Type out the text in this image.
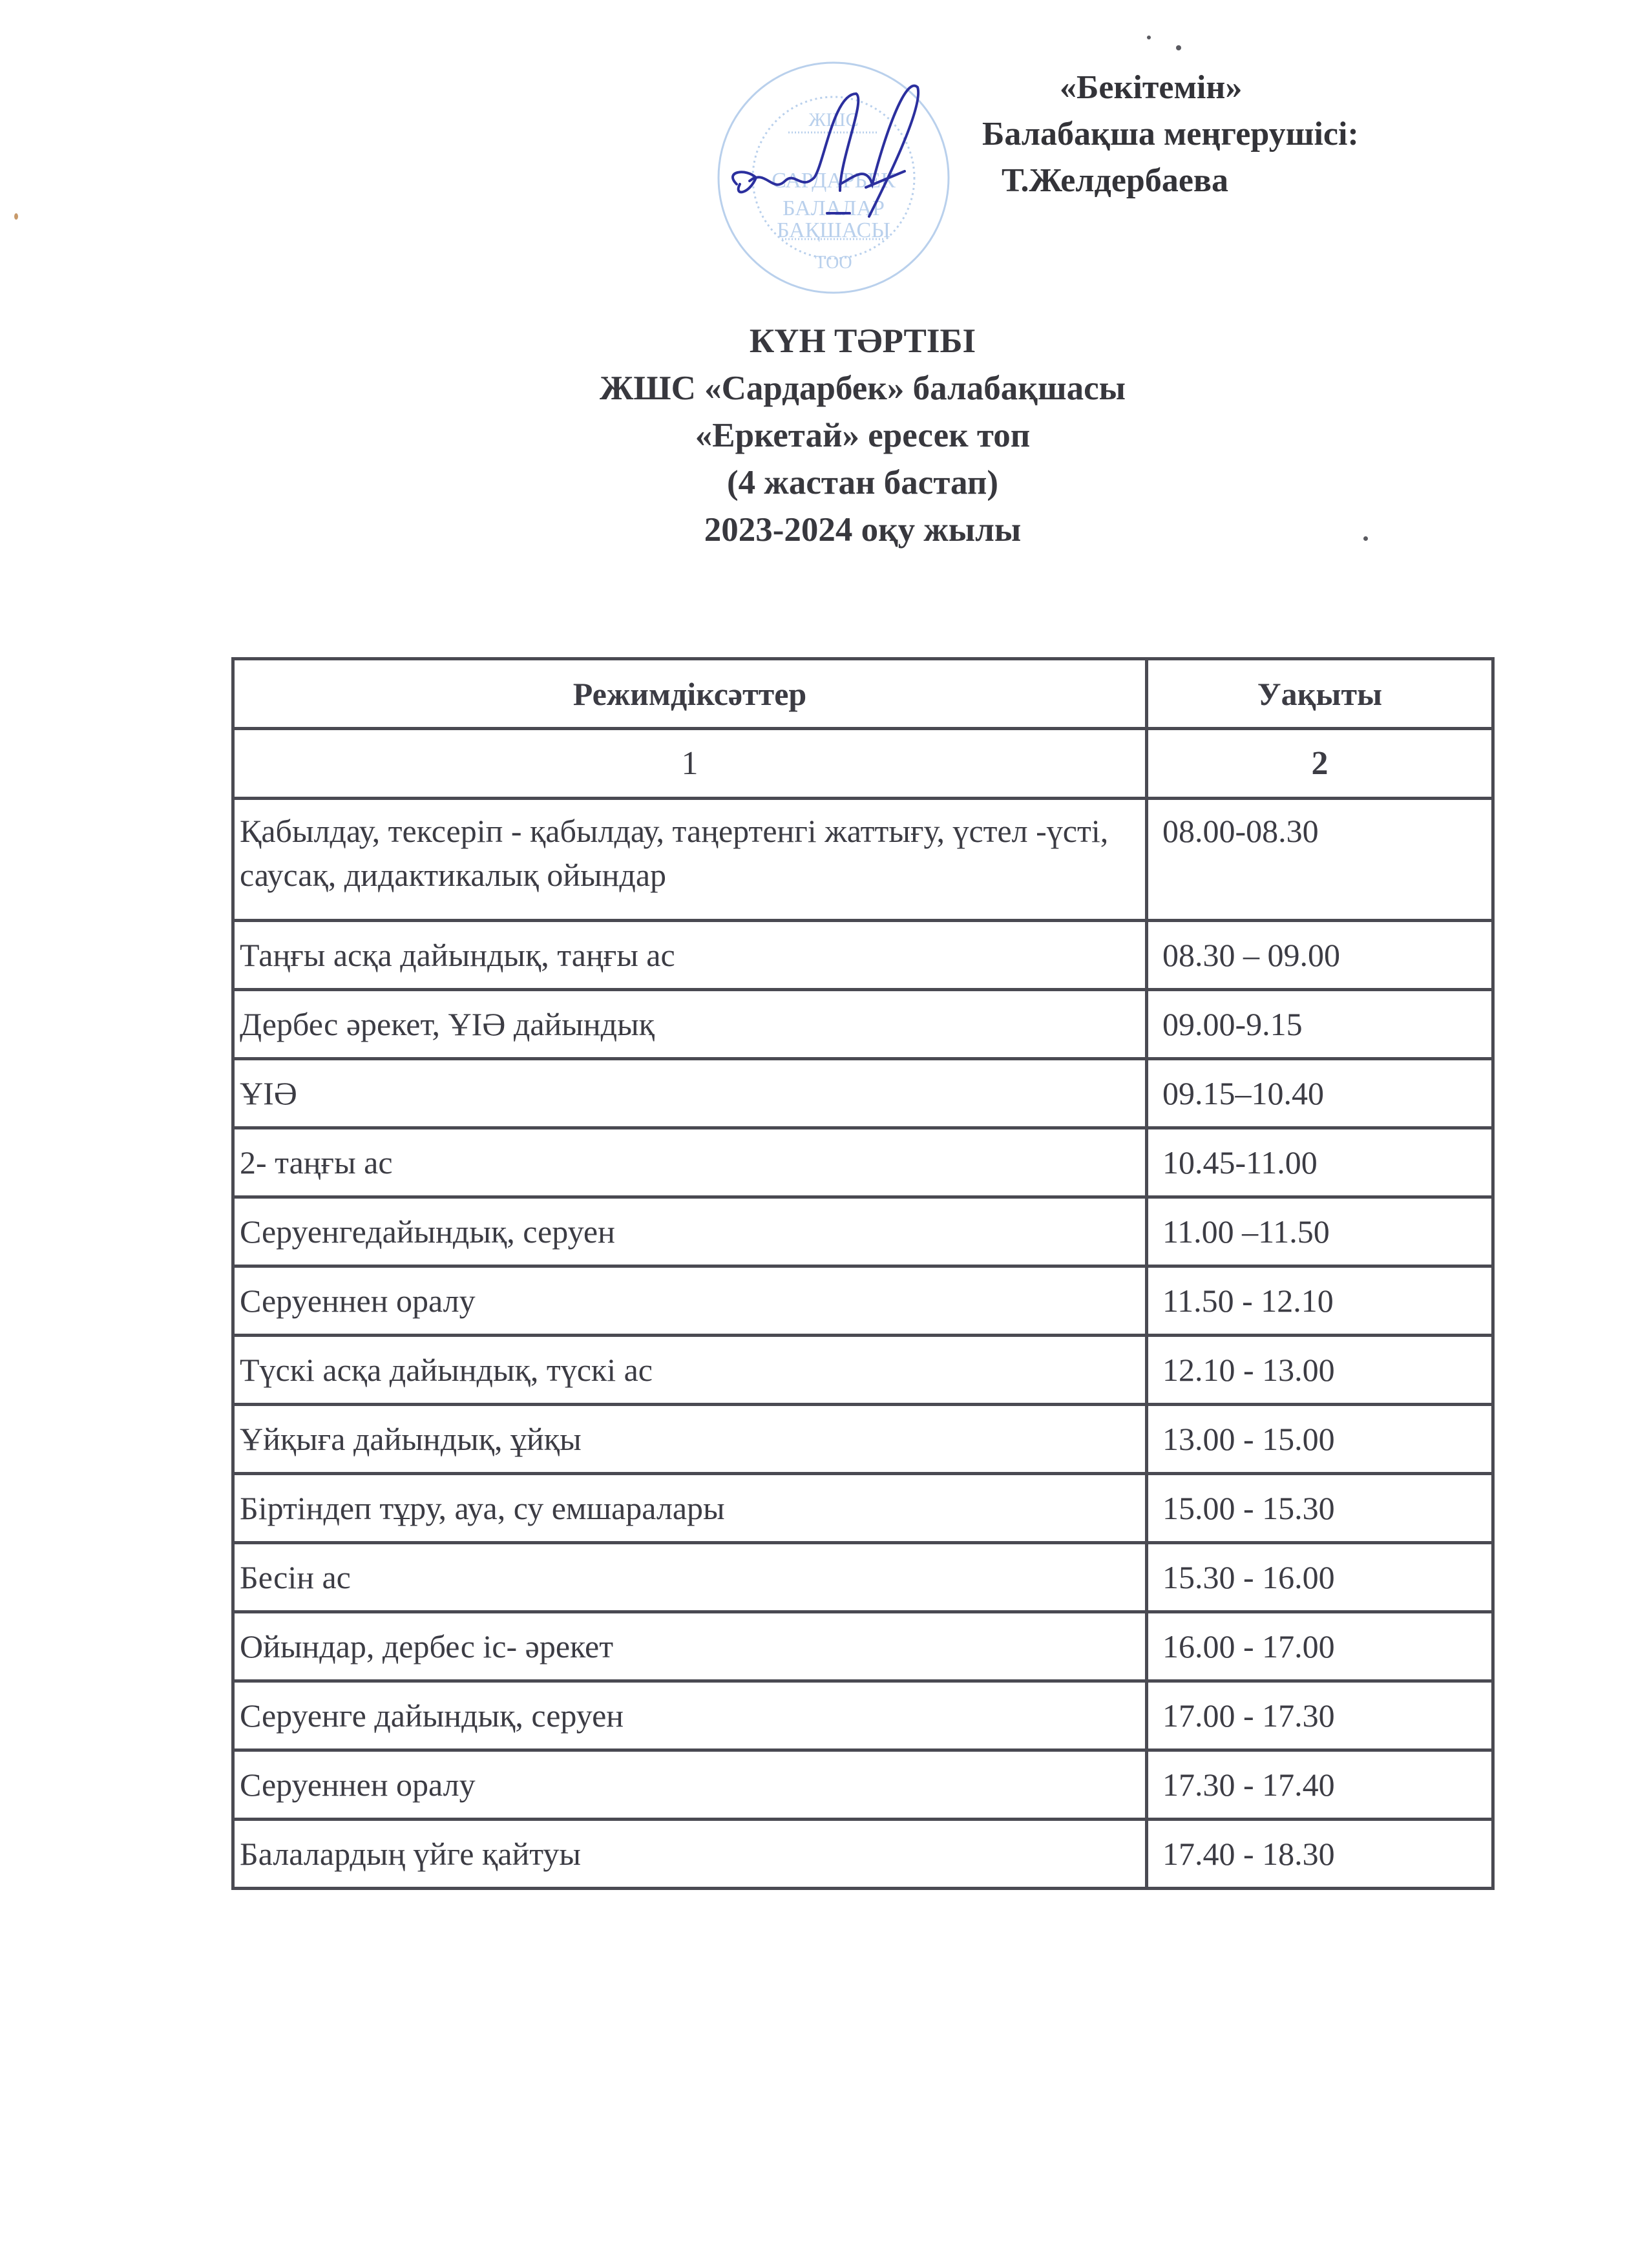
ЖШС
САРДАРБЕК
БАЛАЛАР
БАҚШАСЫ
ТОО
«Бекітемін»
Балабақша меңгерушісі:
Т.Желдербаева
КҮН ТӘРТІБІ
ЖШС «Сардарбек» балабақшасы
«Еркетай» ересек топ
(4 жастан бастап)
2023-2024 оқу жылы
Режимдіксәттер	Уақыты
1	2
Қабылдау, тексеріп - қабылдау, таңертенгі жаттығу, үстел -үсті, саусақ, дидактикалық ойындар	08.00-08.30
Таңғы асқа дайындық, таңғы ас	08.30 – 09.00
Дербес әрекет, ҰІӘ дайындық	09.00-9.15
ҰІӘ	09.15–10.40
2- таңғы ас	10.45-11.00
Серуенгедайындық, серуен	11.00 –11.50
Серуеннен оралу	11.50 - 12.10
Түскі асқа дайындық, түскі ас	12.10 - 13.00
Ұйқыға дайындық, ұйқы	13.00 - 15.00
Біртіндеп тұру, ауа, су емшаралары	15.00 - 15.30
Бесін ас	15.30 - 16.00
Ойындар, дербес іс- әрекет	16.00 - 17.00
Серуенге дайындық, серуен	17.00 - 17.30
Серуеннен оралу	17.30 - 17.40
Балалардың үйге қайтуы	17.40 - 18.30
